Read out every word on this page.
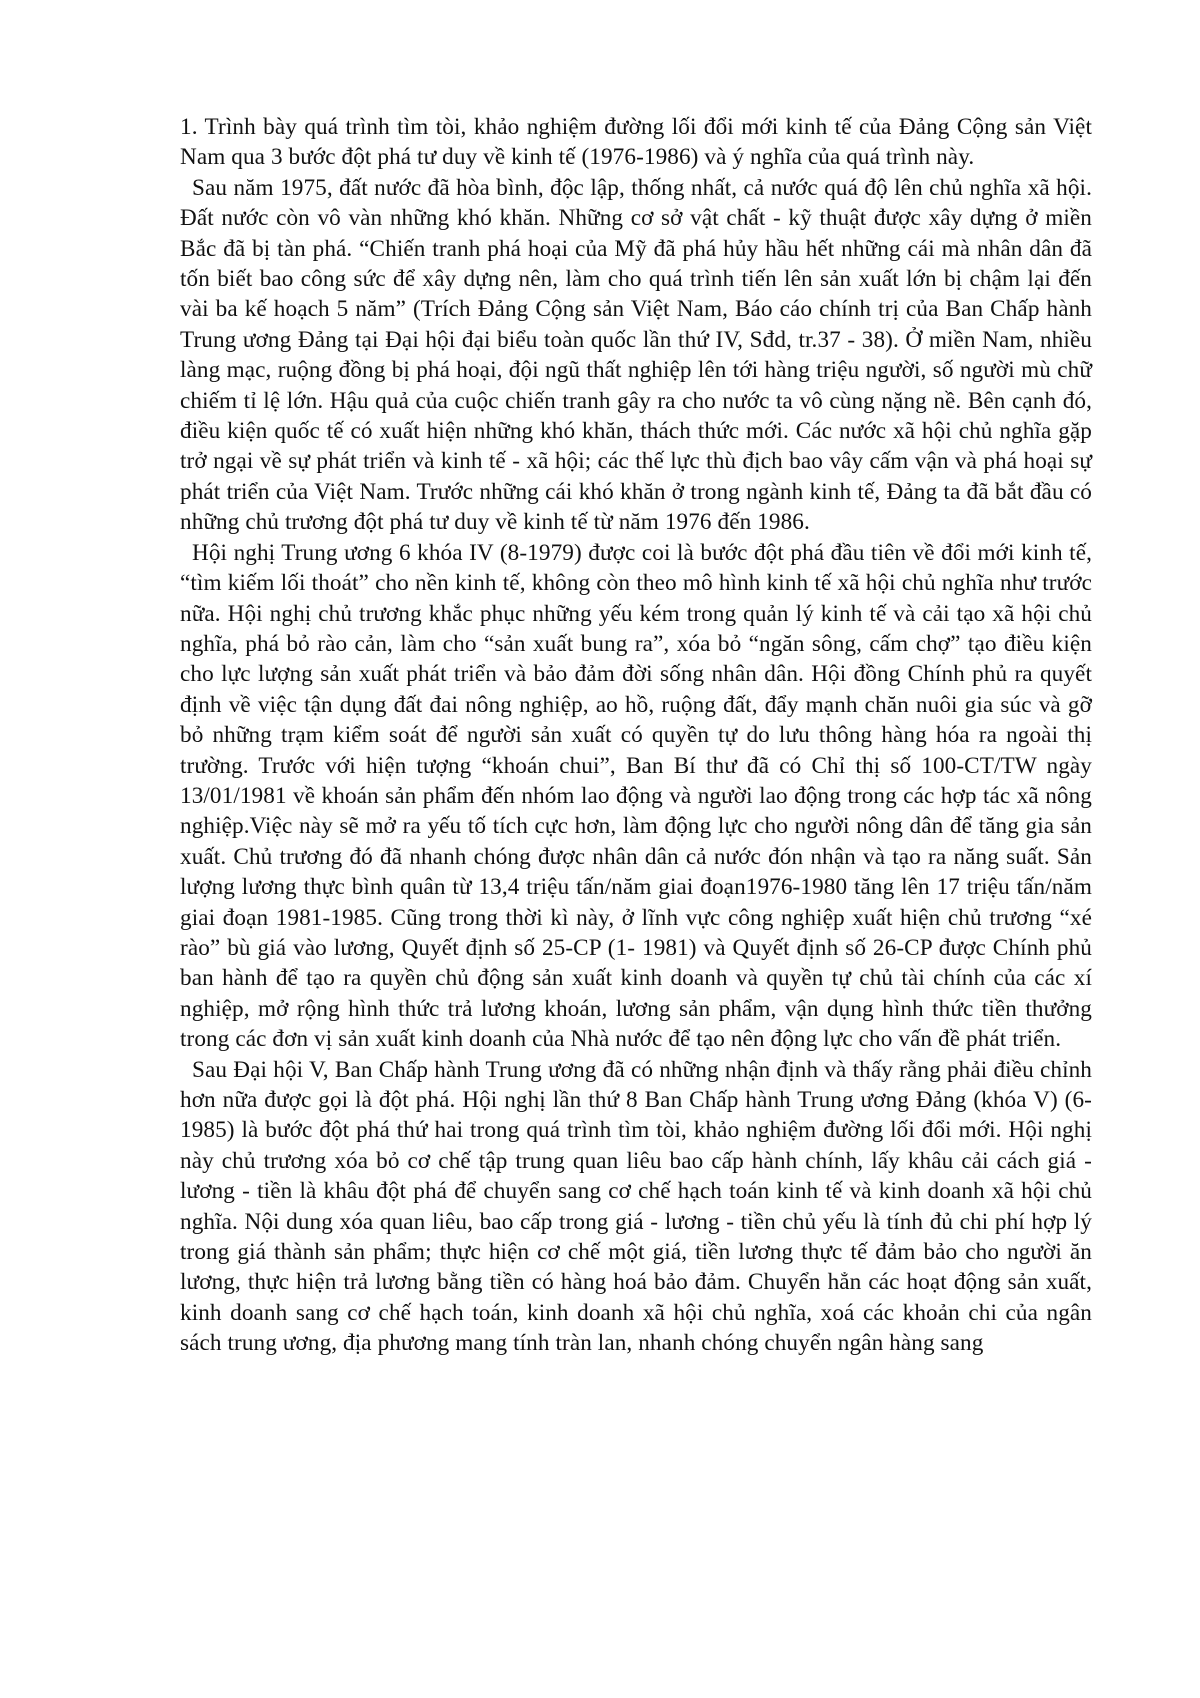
1. Trình bày quá trình tìm tòi, khảo nghiệm đường lối đổi mới kinh tế của Đảng Cộng sản Việt Nam qua 3 bước đột phá tư duy về kinh tế (1976-1986) và ý nghĩa của quá trình này.

Sau năm 1975, đất nước đã hòa bình, độc lập, thống nhất, cả nước quá độ lên chủ nghĩa xã hội. Đất nước còn vô vàn những khó khăn. Những cơ sở vật chất - kỹ thuật được xây dựng ở miền Bắc đã bị tàn phá. “Chiến tranh phá hoại của Mỹ đã phá hủy hầu hết những cái mà nhân dân đã tốn biết bao công sức để xây dựng nên, làm cho quá trình tiến lên sản xuất lớn bị chậm lại đến vài ba kế hoạch 5 năm” (Trích Đảng Cộng sản Việt Nam, Báo cáo chính trị của Ban Chấp hành Trung ương Đảng tại Đại hội đại biểu toàn quốc lần thứ IV, Sđd, tr.37 - 38). Ở miền Nam, nhiều làng mạc, ruộng đồng bị phá hoại, đội ngũ thất nghiệp lên tới hàng triệu người, số người mù chữ chiếm tỉ lệ lớn. Hậu quả của cuộc chiến tranh gây ra cho nước ta vô cùng nặng nề. Bên cạnh đó, điều kiện quốc tế có xuất hiện những khó khăn, thách thức mới. Các nước xã hội chủ nghĩa gặp trở ngại về sự phát triển và kinh tế - xã hội; các thế lực thù địch bao vây cấm vận và phá hoại sự phát triển của Việt Nam. Trước những cái khó khăn ở trong ngành kinh tế, Đảng ta đã bắt đầu có những chủ trương đột phá tư duy về kinh tế từ năm 1976 đến 1986.

Hội nghị Trung ương 6 khóa IV (8-1979) được coi là bước đột phá đầu tiên về đổi mới kinh tế, “tìm kiếm lối thoát” cho nền kinh tế, không còn theo mô hình kinh tế xã hội chủ nghĩa như trước nữa. Hội nghị chủ trương khắc phục những yếu kém trong quản lý kinh tế và cải tạo xã hội chủ nghĩa, phá bỏ rào cản, làm cho “sản xuất bung ra”, xóa bỏ “ngăn sông, cấm chợ” tạo điều kiện cho lực lượng sản xuất phát triển và bảo đảm đời sống nhân dân. Hội đồng Chính phủ ra quyết định về việc tận dụng đất đai nông nghiệp, ao hồ, ruộng đất, đẩy mạnh chăn nuôi gia súc và gỡ bỏ những trạm kiểm soát để người sản xuất có quyền tự do lưu thông hàng hóa ra ngoài thị trường. Trước với hiện tượng “khoán chui”, Ban Bí thư đã có Chỉ thị số 100-CT/TW ngày 13/01/1981 về khoán sản phẩm đến nhóm lao động và người lao động trong các hợp tác xã nông nghiệp.Việc này sẽ mở ra yếu tố tích cực hơn, làm động lực cho người nông dân để tăng gia sản xuất. Chủ trương đó đã nhanh chóng được nhân dân cả nước đón nhận và tạo ra năng suất. Sản lượng lương thực bình quân từ 13,4 triệu tấn/năm giai đoạn1976-1980 tăng lên 17 triệu tấn/năm giai đoạn 1981-1985. Cũng trong thời kì này, ở lĩnh vực công nghiệp xuất hiện chủ trương “xé rào” bù giá vào lương, Quyết định số 25-CP (1- 1981) và Quyết định số 26-CP được Chính phủ ban hành để tạo ra quyền chủ động sản xuất kinh doanh và quyền tự chủ tài chính của các xí nghiệp, mở rộng hình thức trả lương khoán, lương sản phẩm, vận dụng hình thức tiền thưởng trong các đơn vị sản xuất kinh doanh của Nhà nước để tạo nên động lực cho vấn đề phát triển.

Sau Đại hội V, Ban Chấp hành Trung ương đã có những nhận định và thấy rằng phải điều chỉnh hơn nữa được gọi là đột phá. Hội nghị lần thứ 8 Ban Chấp hành Trung ương Đảng (khóa V) (6-1985) là bước đột phá thứ hai trong quá trình tìm tòi, khảo nghiệm đường lối đổi mới. Hội nghị này chủ trương xóa bỏ cơ chế tập trung quan liêu bao cấp hành chính, lấy khâu cải cách giá - lương - tiền là khâu đột phá để chuyển sang cơ chế hạch toán kinh tế và kinh doanh xã hội chủ nghĩa. Nội dung xóa quan liêu, bao cấp trong giá - lương - tiền chủ yếu là tính đủ chi phí hợp lý trong giá thành sản phẩm; thực hiện cơ chế một giá, tiền lương thực tế đảm bảo cho người ăn lương, thực hiện trả lương bằng tiền có hàng hoá bảo đảm. Chuyển hẳn các hoạt động sản xuất, kinh doanh sang cơ chế hạch toán, kinh doanh xã hội chủ nghĩa, xoá các khoản chi của ngân sách trung ương, địa phương mang tính tràn lan, nhanh chóng chuyển ngân hàng sang
